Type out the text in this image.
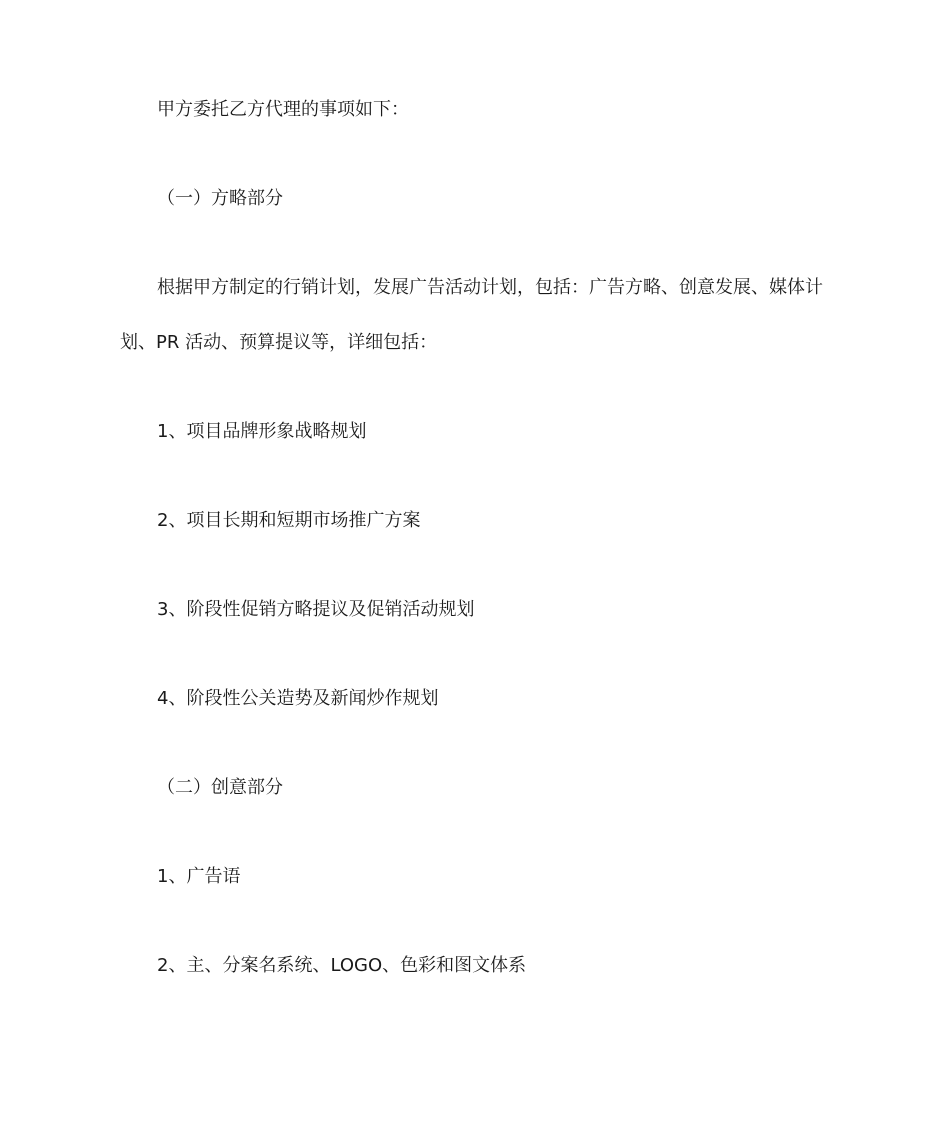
甲方委托乙方代理的事项如下：
（一）方略部分
根据甲方制定的行销计划，发展广告活动计划，包括：广告方略、创意发展、媒体计
划、PR 活动、预算提议等，详细包括：
1、项目品牌形象战略规划
2、项目长期和短期市场推广方案
3、阶段性促销方略提议及促销活动规划
4、阶段性公关造势及新闻炒作规划
（二）创意部分
1、广告语
2、主、分案名系统、LOGO、色彩和图文体系
